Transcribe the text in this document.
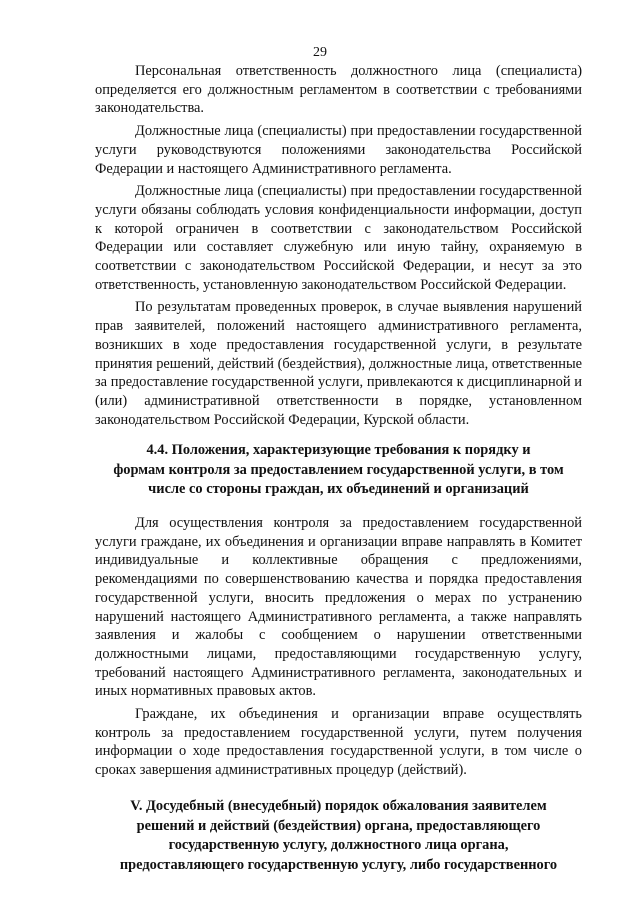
29

Персональная ответственность должностного лица (специалиста) определяется его должностным регламентом в соответствии с требованиями законодательства.

Должностные лица (специалисты) при предоставлении государственной услуги руководствуются положениями законодательства Российской Федерации и настоящего Административного регламента.

Должностные лица (специалисты) при предоставлении государственной услуги обязаны соблюдать условия конфиденциальности информации, доступ к которой ограничен в соответствии с законодательством Российской Федерации или составляет служебную или иную тайну, охраняемую в соответствии с законодательством Российской Федерации, и несут за это ответственность, установленную законодательством Российской Федерации.

По результатам проведенных проверок, в случае выявления нарушений прав заявителей, положений настоящего административного регламента, возникших в ходе предоставления государственной услуги, в результате принятия решений, действий (бездействия), должностные лица, ответственные за предоставление государственной услуги, привлекаются к дисциплинарной и (или) административной ответственности в порядке, установленном законодательством Российской Федерации, Курской области.

4.4. Положения, характеризующие требования к порядку и
формам контроля за предоставлением государственной услуги, в том
числе со стороны граждан, их объединений и организаций

Для осуществления контроля за предоставлением государственной услуги граждане, их объединения и организации вправе направлять в Комитет индивидуальные и коллективные обращения с предложениями, рекомендациями по совершенствованию качества и порядка предоставления государственной услуги, вносить предложения о мерах по устранению нарушений настоящего Административного регламента, а также направлять заявления и жалобы с сообщением о нарушении ответственными должностными лицами, предоставляющими государственную услугу, требований настоящего Административного регламента, законодательных и иных нормативных правовых актов.

Граждане, их объединения и организации вправе осуществлять контроль за предоставлением государственной услуги, путем получения информации о ходе предоставления государственной услуги, в том числе о сроках завершения административных процедур (действий).

V. Досудебный (внесудебный) порядок обжалования заявителем
решений и действий (бездействия) органа, предоставляющего
государственную услугу, должностного лица органа,
предоставляющего государственную услугу, либо государственного
